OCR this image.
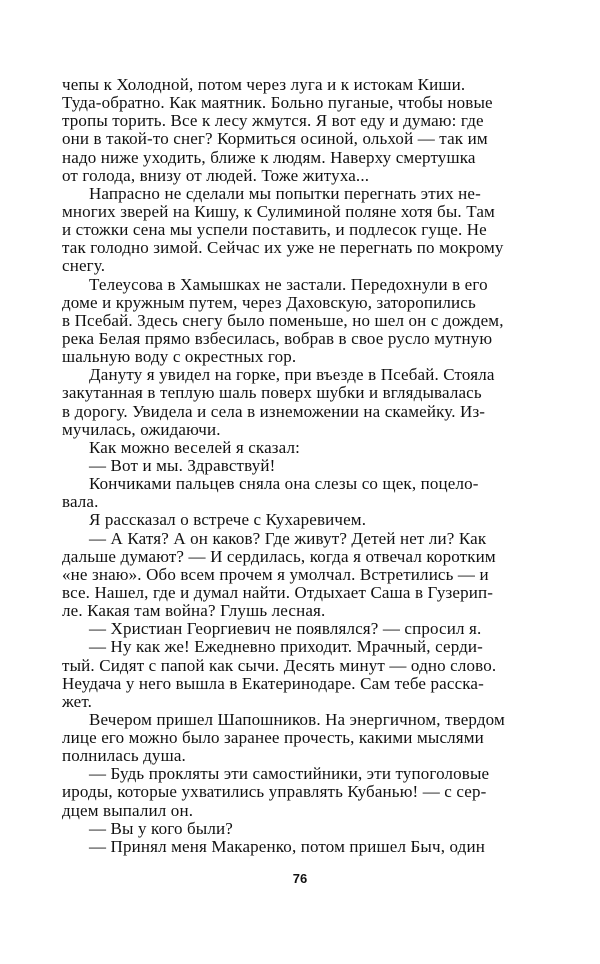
чепы к Холодной, потом через луга и к истокам Киши.
Туда-обратно. Как маятник. Больно пуганые, чтобы новые
тропы торить. Все к лесу жмутся. Я вот еду и думаю: где
они в такой-то снег? Кормиться осиной, ольхой — так им
надо ниже уходить, ближе к людям. Наверху смертушка
от голода, внизу от людей. Тоже житуха...
Напрасно не сделали мы попытки перегнать этих не-
многих зверей на Кишу, к Сулиминой поляне хотя бы. Там
и стожки сена мы успели поставить, и подлесок гуще. Не
так голодно зимой. Сейчас их уже не перегнать по мокрому
снегу.
Телеусова в Хамышках не застали. Передохнули в его
доме и кружным путем, через Даховскую, заторопились
в Псебай. Здесь снегу было поменьше, но шел он с дождем,
река Белая прямо взбесилась, вобрав в свое русло мутную
шальную воду с окрестных гор.
Дануту я увидел на горке, при въезде в Псебай. Стояла
закутанная в теплую шаль поверх шубки и вглядывалась
в дорогу. Увидела и села в изнеможении на скамейку. Из-
мучилась, ожидаючи.
Как можно веселей я сказал:
— Вот и мы. Здравствуй!
Кончиками пальцев сняла она слезы со щек, поцело-
вала.
Я рассказал о встрече с Кухаревичем.
— А Катя? А он каков? Где живут? Детей нет ли? Как
дальше думают? — И сердилась, когда я отвечал коротким
«не знаю». Обо всем прочем я умолчал. Встретились — и
все. Нашел, где и думал найти. Отдыхает Саша в Гузерип-
ле. Какая там война? Глушь лесная.
— Христиан Георгиевич не появлялся? — спросил я.
— Ну как же! Ежедневно приходит. Мрачный, серди-
тый. Сидят с папой как сычи. Десять минут — одно слово.
Неудача у него вышла в Екатеринодаре. Сам тебе расска-
жет.
Вечером пришел Шапошников. На энергичном, твердом
лице его можно было заранее прочесть, какими мыслями
полнилась душа.
— Будь прокляты эти самостийники, эти тупоголовые
ироды, которые ухватились управлять Кубанью! — с сер-
дцем выпалил он.
— Вы у кого были?
— Принял меня Макаренко, потом пришел Быч, один
76
